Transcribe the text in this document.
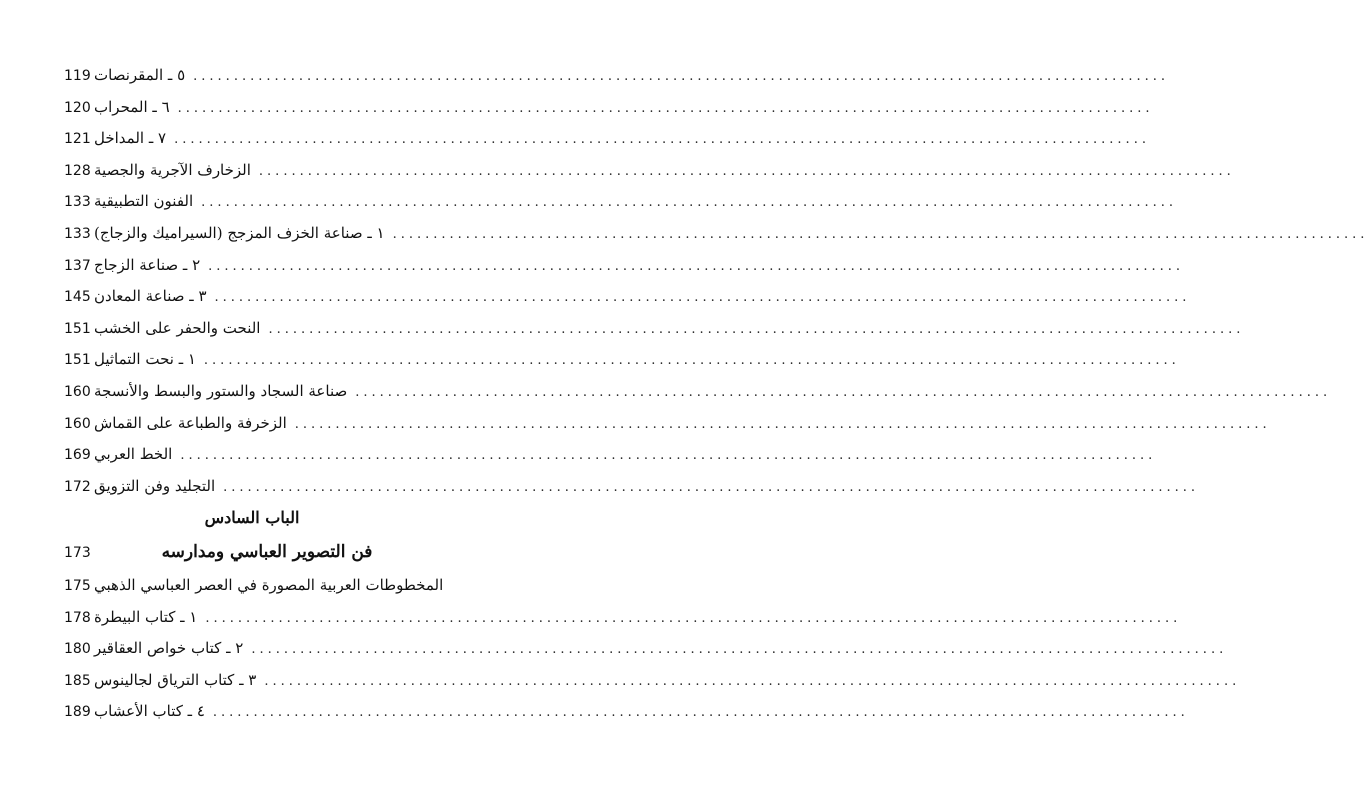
119 ٥ ـ المقرنصات ........................................................................................................................
120 ٦ ـ المحراب ........................................................................................................................
121 ٧ ـ المداخل ........................................................................................................................
128 الزخارف الآجرية والجصية ........................................................................................................................
133 الفنون التطبيقية ........................................................................................................................
133 ١ ـ صناعة الخزف المزجج (السيراميك والزجاج) ........................................................................................................................
137 ٢ ـ صناعة الزجاج ........................................................................................................................
145 ٣ ـ صناعة المعادن ........................................................................................................................
151 النحت والحفر على الخشب ........................................................................................................................
151 ١ ـ نحت التماثيل ........................................................................................................................
160 صناعة السجاد والستور والبسط والأنسجة ........................................................................................................................
160 الزخرفة والطباعة على القماش ........................................................................................................................
169 الخط العربي ........................................................................................................................
172 التجليد وفن التزويق ........................................................................................................................
الباب السادس
173	فن التصوير العباسي ومدارسه
175 المخطوطات العربية المصورة في العصر العباسي الذهبي
178 ١ ـ كتاب البيطرة ........................................................................................................................
180 ٢ ـ كتاب خواص العقاقير ........................................................................................................................
185 ٣ ـ كتاب الترياق لجالينوس ........................................................................................................................
189 ٤ ـ كتاب الأعشاب ........................................................................................................................
